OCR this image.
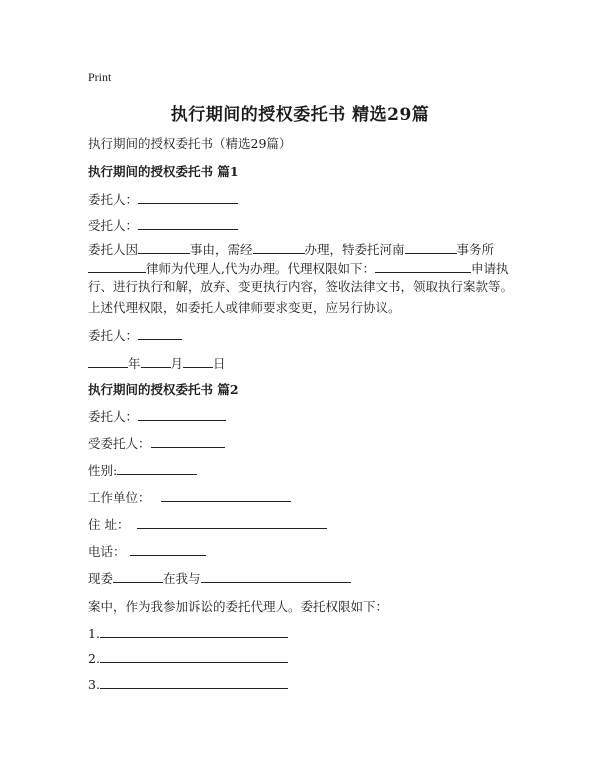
Print
执行期间的授权委托书 精选29篇
执行期间的授权委托书（精选29篇）
执行期间的授权委托书 篇1
委托人：
受托人：
委托人因	事由，需经	办理，特委托河南	事务所
律师为代理人,代为办理。代理权限如下：	申请执行、进行执行和解，放弃、变更执行内容，签收法律文书，领取执行案款等。
上述代理权限，如委托人或律师要求变更，应另行协议。
委托人：
年 月 日
执行期间的授权委托书 篇2
委托人：
受委托人：
性别:
工作单位：
住 址：
电话：
现委	在我与
案中，作为我参加诉讼的委托代理人。委托权限如下：
1.
2.
3.
